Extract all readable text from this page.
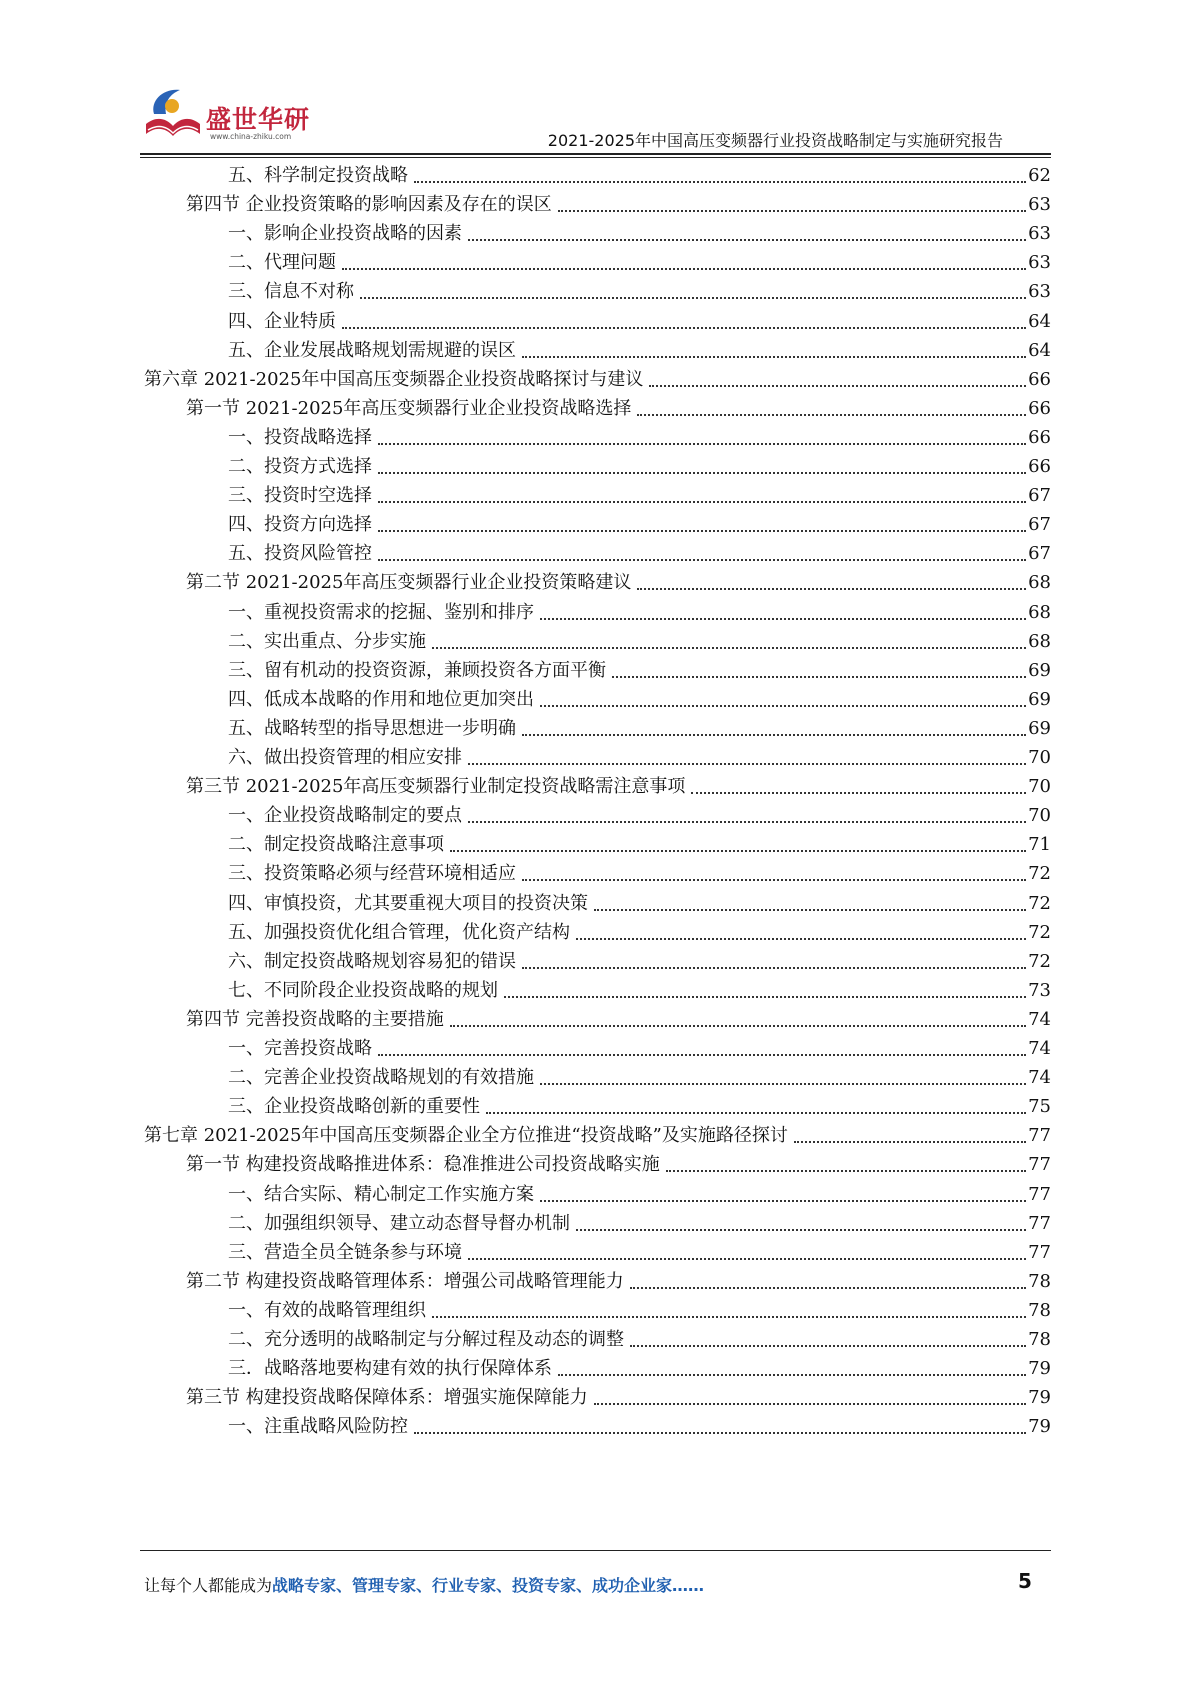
盛世华研
www.china-zhiku.com	2021-2025年中国高压变频器行业投资战略制定与实施研究报告
五、科学制定投资战略	62
第四节 企业投资策略的影响因素及存在的误区	63
一、影响企业投资战略的因素	63
二、代理问题	63
三、信息不对称	63
四、企业特质	64
五、企业发展战略规划需规避的误区	64
第六章 2021-2025年中国高压变频器企业投资战略探讨与建议	66
第一节 2021-2025年高压变频器行业企业投资战略选择	66
一、投资战略选择	66
二、投资方式选择	66
三、投资时空选择	67
四、投资方向选择	67
五、投资风险管控	67
第二节 2021-2025年高压变频器行业企业投资策略建议	68
一、重视投资需求的挖掘、鉴别和排序	68
二、实出重点、分步实施	68
三、留有机动的投资资源，兼顾投资各方面平衡	69
四、低成本战略的作用和地位更加突出	69
五、战略转型的指导思想进一步明确	69
六、做出投资管理的相应安排	70
第三节 2021-2025年高压变频器行业制定投资战略需注意事项	70
一、企业投资战略制定的要点	70
二、制定投资战略注意事项	71
三、投资策略必须与经营环境相适应	72
四、审慎投资，尤其要重视大项目的投资决策	72
五、加强投资优化组合管理，优化资产结构	72
六、制定投资战略规划容易犯的错误	72
七、不同阶段企业投资战略的规划	73
第四节 完善投资战略的主要措施	74
一、完善投资战略	74
二、完善企业投资战略规划的有效措施	74
三、企业投资战略创新的重要性	75
第七章 2021-2025年中国高压变频器企业全方位推进“投资战略”及实施路径探讨	77
第一节 构建投资战略推进体系：稳准推进公司投资战略实施	77
一、结合实际、精心制定工作实施方案	77
二、加强组织领导、建立动态督导督办机制	77
三、营造全员全链条参与环境	77
第二节 构建投资战略管理体系：增强公司战略管理能力	78
一、有效的战略管理组织	78
二、充分透明的战略制定与分解过程及动态的调整	78
三．战略落地要构建有效的执行保障体系	79
第三节 构建投资战略保障体系：增强实施保障能力	79
一、注重战略风险防控	79
让每个人都能成为战略专家、管理专家、行业专家、投资专家、成功企业家……	5
